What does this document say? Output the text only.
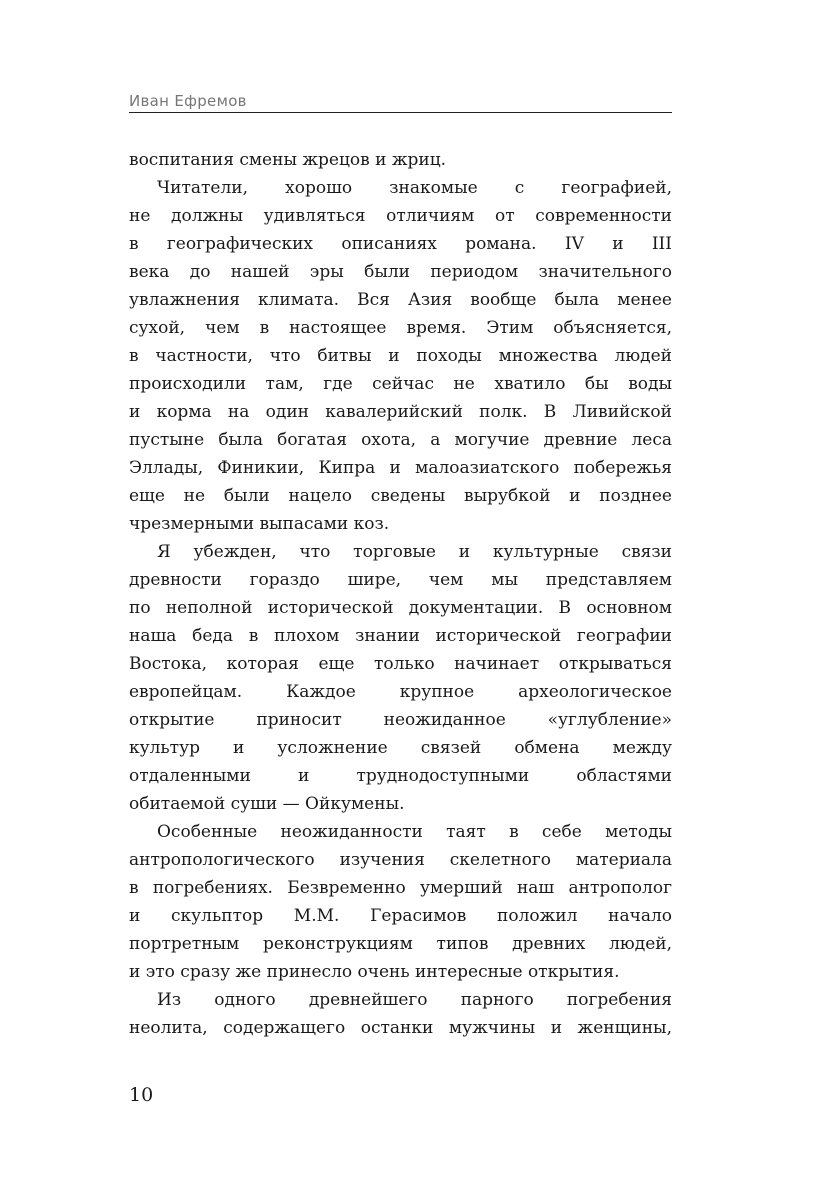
Иван Ефремов
воспитания смены жрецов и жриц.
Читатели, хорошо знакомые с географией,
не должны удивляться отличиям от современности
в географических описаниях романа. IV и III
века до нашей эры были периодом значительного
увлажнения климата. Вся Азия вообще была менее
сухой, чем в настоящее время. Этим объясняется,
в частности, что битвы и походы множества людей
происходили там, где сейчас не хватило бы воды
и корма на один кавалерийский полк. В Ливийской
пустыне была богатая охота, а могучие древние леса
Эллады, Финикии, Кипра и малоазиатского побережья
еще не были нацело сведены вырубкой и позднее
чрезмерными выпасами коз.
Я убежден, что торговые и культурные связи
древности гораздо шире, чем мы представляем
по неполной исторической документации. В основном
наша беда в плохом знании исторической географии
Востока, которая еще только начинает открываться
европейцам. Каждое крупное археологическое
открытие приносит неожиданное «углубление»
культур и усложнение связей обмена между
отдаленными и труднодоступными областями
обитаемой суши — Ойкумены.
Особенные неожиданности таят в себе методы
антропологического изучения скелетного материала
в погребениях. Безвременно умерший наш антрополог
и скульптор М.М. Герасимов положил начало
портретным реконструкциям типов древних людей,
и это сразу же принесло очень интересные открытия.
Из одного древнейшего парного погребения
неолита, содержащего останки мужчины и женщины,
10
